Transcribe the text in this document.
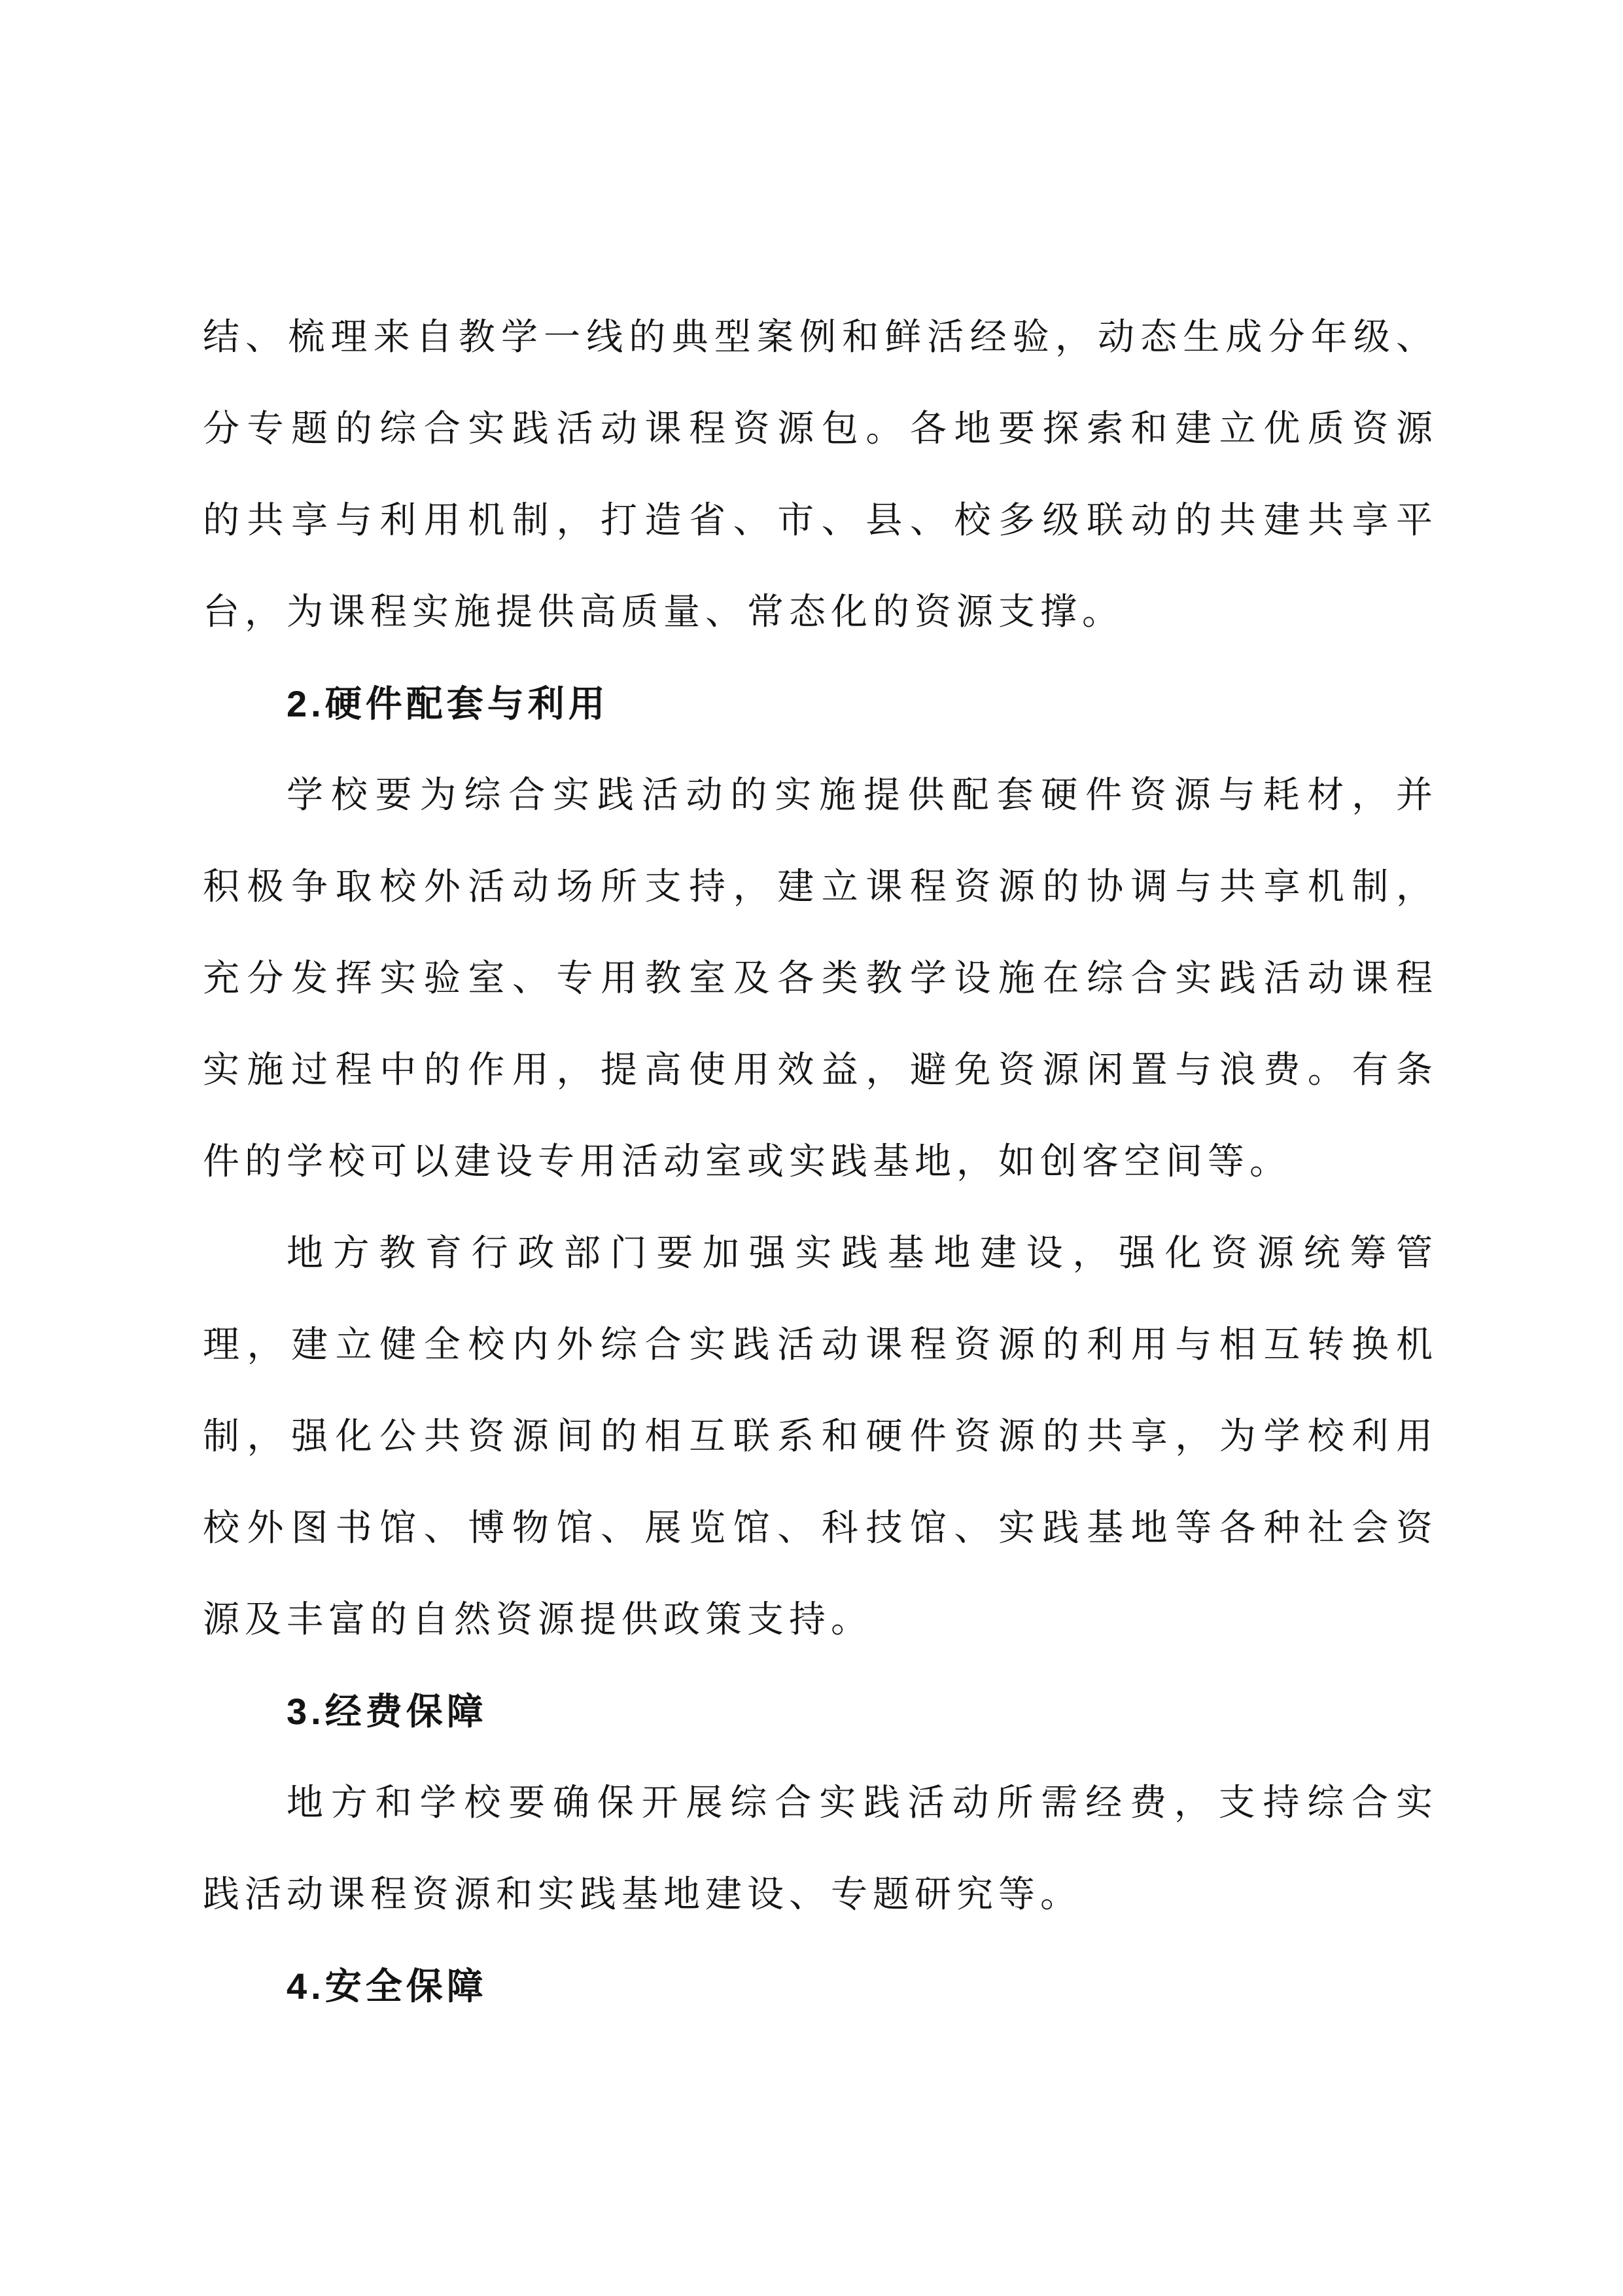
结、梳理来自教学一线的典型案例和鲜活经验，动态生成分年级、
分专题的综合实践活动课程资源包。各地要探索和建立优质资源
的共享与利用机制，打造省、市、县、校多级联动的共建共享平
台，为课程实施提供高质量、常态化的资源支撑。
2.硬件配套与利用
学校要为综合实践活动的实施提供配套硬件资源与耗材，并
积极争取校外活动场所支持，建立课程资源的协调与共享机制，
充分发挥实验室、专用教室及各类教学设施在综合实践活动课程
实施过程中的作用，提高使用效益，避免资源闲置与浪费。有条
件的学校可以建设专用活动室或实践基地，如创客空间等。
地方教育行政部门要加强实践基地建设，强化资源统筹管
理，建立健全校内外综合实践活动课程资源的利用与相互转换机
制，强化公共资源间的相互联系和硬件资源的共享，为学校利用
校外图书馆、博物馆、展览馆、科技馆、实践基地等各种社会资
源及丰富的自然资源提供政策支持。
3.经费保障
地方和学校要确保开展综合实践活动所需经费，支持综合实
践活动课程资源和实践基地建设、专题研究等。
4.安全保障
